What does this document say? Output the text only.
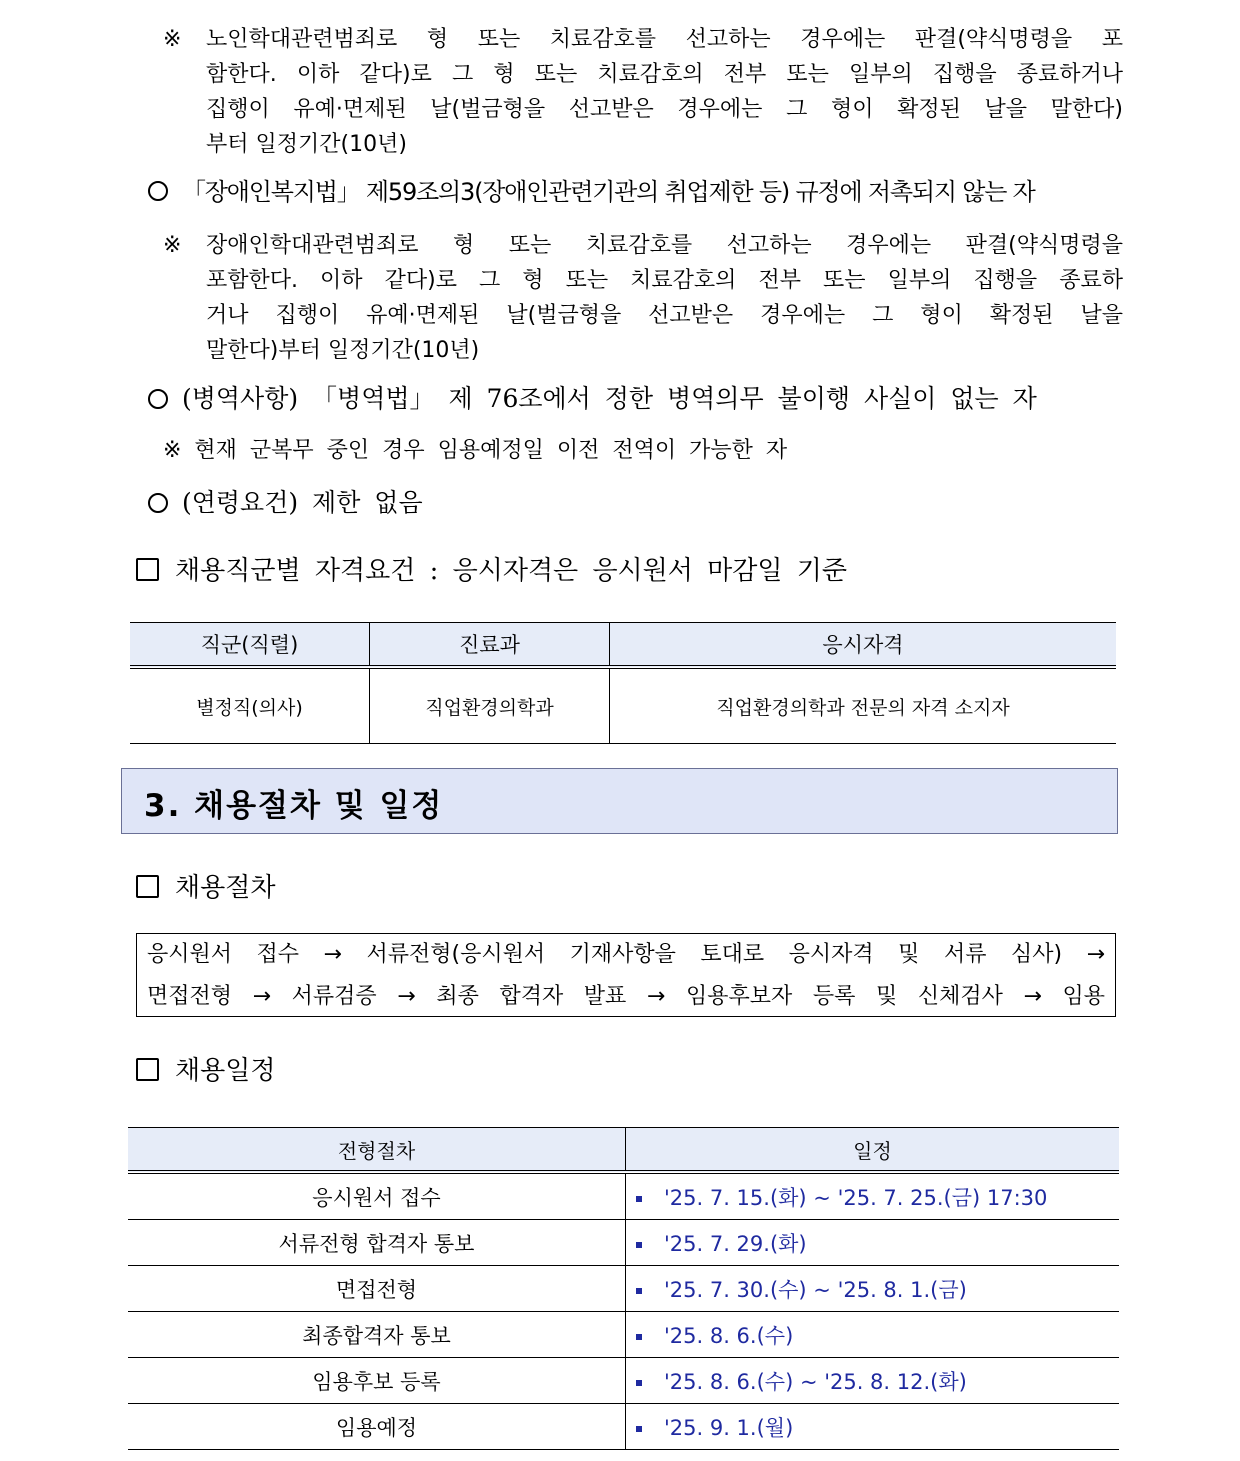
※	노인학대관련범죄로 형 또는 치료감호를 선고하는 경우에는 판결(약식명령을 포
함한다. 이하 같다)로 그 형 또는 치료감호의 전부 또는 일부의 집행을 종료하거나
집행이 유예·면제된 날(벌금형을 선고받은 경우에는 그 형이 확정된 날을 말한다)
부터 일정기간(10년)
「장애인복지법」 제59조의3(장애인관련기관의 취업제한 등) 규정에 저촉되지 않는 자
※	장애인학대관련범죄로 형 또는 치료감호를 선고하는 경우에는 판결(약식명령을
포함한다. 이하 같다)로 그 형 또는 치료감호의 전부 또는 일부의 집행을 종료하
거나 집행이 유예·면제된 날(벌금형을 선고받은 경우에는 그 형이 확정된 날을
말한다)부터 일정기간(10년)
(병역사항) 「병역법」 제 76조에서 정한 병역의무 불이행 사실이 없는 자
※ 현재 군복무 중인 경우 임용예정일 이전 전역이 가능한 자
(연령요건) 제한 없음
채용직군별 자격요건 : 응시자격은 응시원서 마감일 기준
직군(직렬)	진료과	응시자격
별정직(의사)	직업환경의학과	직업환경의학과 전문의 자격 소지자
3. 채용절차 및 일정
채용절차
응시원서 접수 → 서류전형(응시원서 기재사항을 토대로 응시자격 및 서류 심사) →
면접전형 → 서류검증 → 최종 합격자 발표 → 임용후보자 등록 및 신체검사 → 임용
채용일정
전형절차	일정
응시원서 접수	'25. 7. 15.(화) ~ '25. 7. 25.(금) 17:30
서류전형 합격자 통보	'25. 7. 29.(화)
면접전형	'25. 7. 30.(수) ~ '25. 8. 1.(금)
최종합격자 통보	'25. 8. 6.(수)
임용후보 등록	'25. 8. 6.(수) ~ '25. 8. 12.(화)
임용예정	'25. 9. 1.(월)
